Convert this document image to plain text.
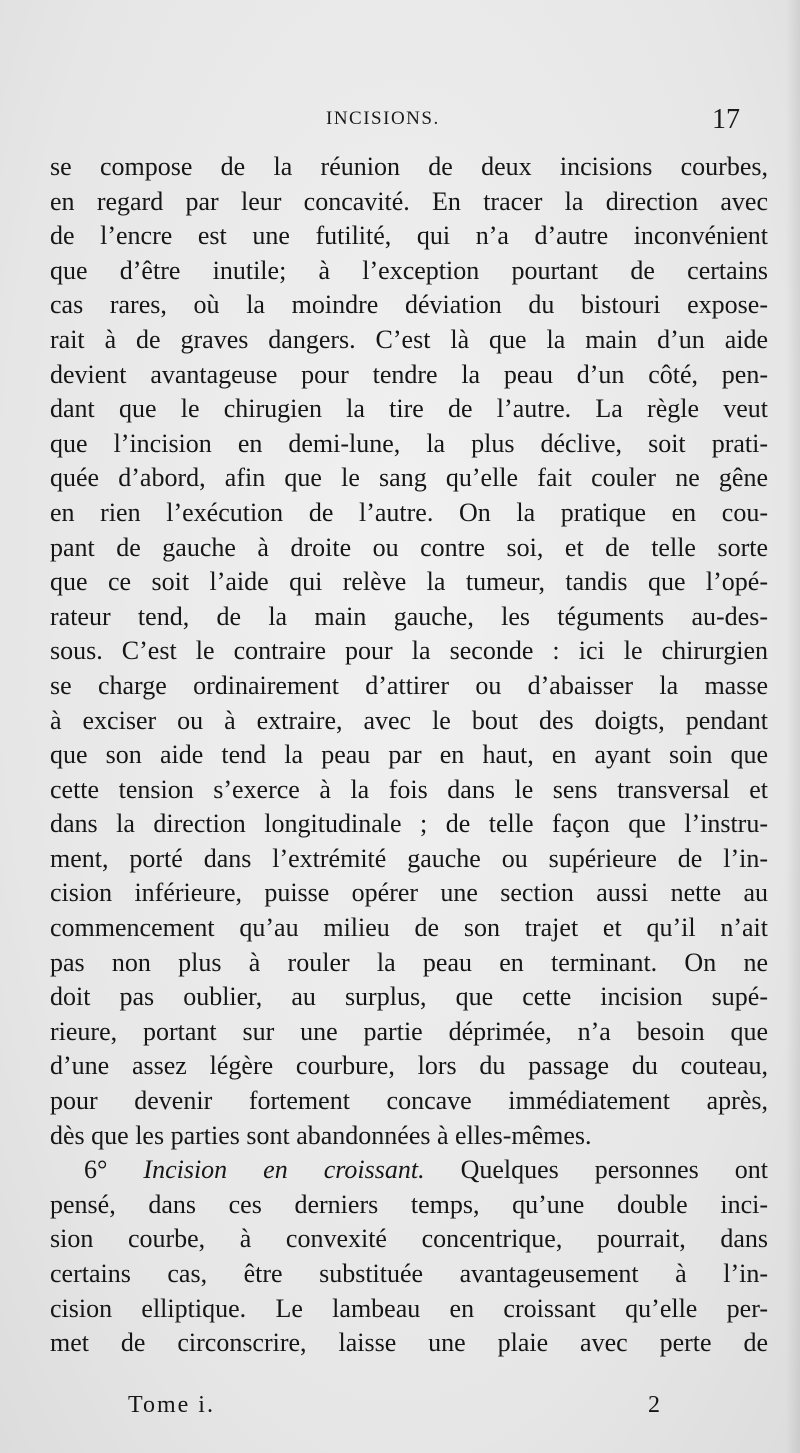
INCISIONS.	17
se compose de la réunion de deux incisions courbes,
en regard par leur concavité. En tracer la direction avec
de l’encre est une futilité, qui n’a d’autre inconvénient
que d’être inutile; à l’exception pourtant de certains
cas rares, où la moindre déviation du bistouri expose-
rait à de graves dangers. C’est là que la main d’un aide
devient avantageuse pour tendre la peau d’un côté, pen-
dant que le chirugien la tire de l’autre. La règle veut
que l’incision en demi-lune, la plus déclive, soit prati-
quée d’abord, afin que le sang qu’elle fait couler ne gêne
en rien l’exécution de l’autre. On la pratique en cou-
pant de gauche à droite ou contre soi, et de telle sorte
que ce soit l’aide qui relève la tumeur, tandis que l’opé-
rateur tend, de la main gauche, les téguments au-des-
sous. C’est le contraire pour la seconde : ici le chirurgien
se charge ordinairement d’attirer ou d’abaisser la masse
à exciser ou à extraire, avec le bout des doigts, pendant
que son aide tend la peau par en haut, en ayant soin que
cette tension s’exerce à la fois dans le sens transversal et
dans la direction longitudinale ; de telle façon que l’instru-
ment, porté dans l’extrémité gauche ou supérieure de l’in-
cision inférieure, puisse opérer une section aussi nette au
commencement qu’au milieu de son trajet et qu’il n’ait
pas non plus à rouler la peau en terminant. On ne
doit pas oublier, au surplus, que cette incision supé-
rieure, portant sur une partie déprimée, n’a besoin que
d’une assez légère courbure, lors du passage du couteau,
pour devenir fortement concave immédiatement après,
dès que les parties sont abandonnées à elles-mêmes.
6° Incision en croissant. Quelques personnes ont
pensé, dans ces derniers temps, qu’une double inci-
sion courbe, à convexité concentrique, pourrait, dans
certains cas, être substituée avantageusement à l’in-
cision elliptique. Le lambeau en croissant qu’elle per-
met de circonscrire, laisse une plaie avec perte de
Tome i.	2
